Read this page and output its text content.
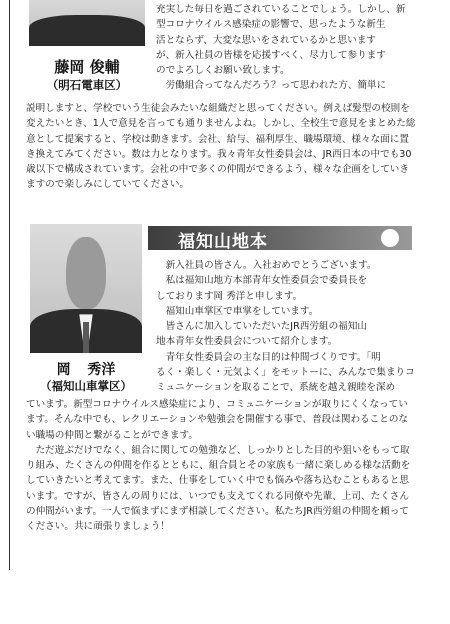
藤岡 俊輔
（明石電車区）

充実した毎日を過ごされていることでしょう。しかし、新

型コロナウイルス感染症の影響で、思ったような新生

活とならず、大変な思いをされているかと思います

が、新入社員の皆様を応援すべく、尽力して参ります

のでよろしくお願い致します。

労働組合ってなんだろう？って思われた方、簡単に

説明しますと、学校でいう生徒会みたいな組織だと思ってください。例えば髪型の校則を変えたいとき、1人で意見を言っても通りませんよね。しかし、全校生で意見をまとめた総意として提案すると、学校は動きます。会社、給与、福利厚生、職場環境、様々な面に置き換えてみてください。数は力となります。我々青年女性委員会は、JR西日本の中でも30歳以下で構成されています。会社の中で多くの仲間ができるよう、様々な企画をしていきますので楽しみにしていてください。

福知山地本
岡 秀洋
（福知山車掌区）

新入社員の皆さん。入社おめでとうございます。

私は福知山地方本部青年女性委員会で委員長を

しております岡 秀洋と申します。

福知山車掌区で車掌をしています。

皆さんに加入していただいたJR西労組の福知山

地本青年女性委員会について紹介します。

青年女性委員会の主な目的は仲間づくりです。「明

るく・楽しく・元気よく」をモットーに、みんなで集まりコ

ミュニケーションを取ることで、系統を越え親睦を深め

ています。新型コロナウイルス感染症により、コミュニケーションが取りにくくなっています。そんな中でも、レクリエーションや勉強会を開催する事で、普段は関わることのない職場の仲間と繋がることができます。

ただ遊ぶだけでなく、組合に関しての勉強など、しっかりとした目的や狙いをもって取り組み、たくさんの仲間を作るとともに、組合員とその家族も一緒に楽しめる様な活動をしていきたいと考えてます。また、仕事をしていく中でも悩みや落ち込むこともあると思います。ですが、皆さんの周りには、いつでも支えてくれる同僚や先輩、上司、たくさんの仲間がいます。一人で悩まずにまず相談してください。私たちJR西労組の仲間を頼ってください。共に頑張りましょう！
